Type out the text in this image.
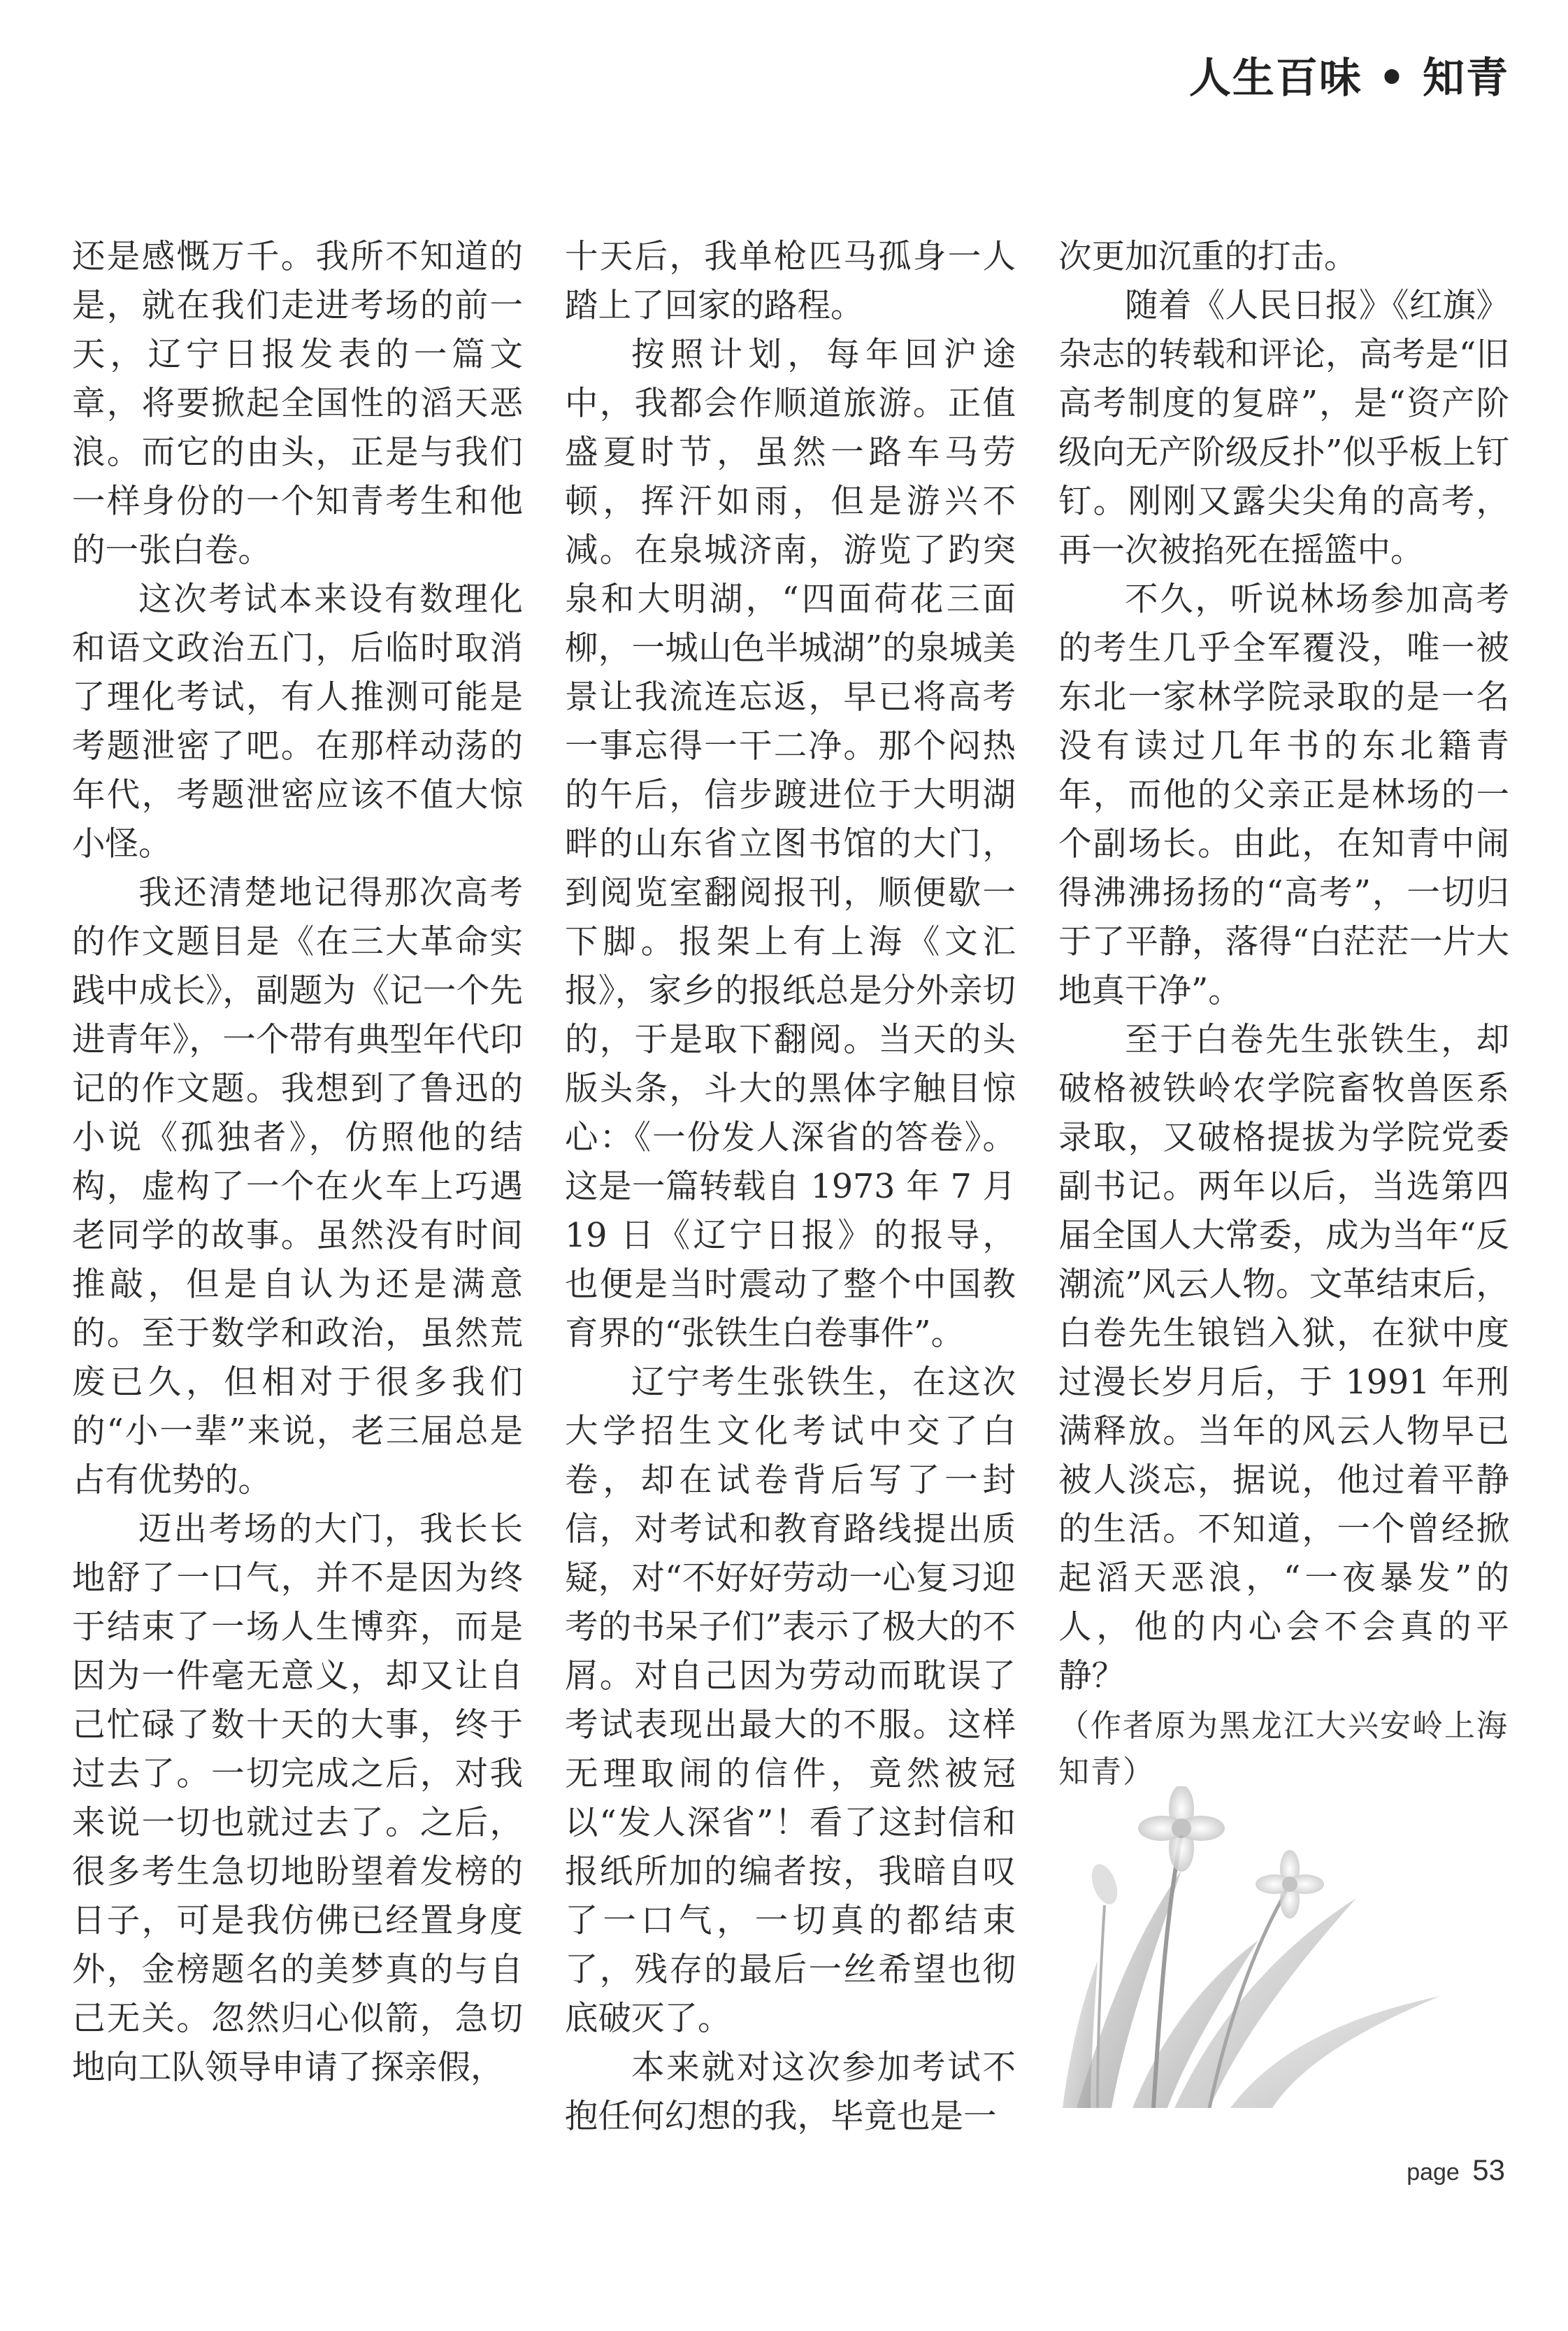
人生百味 • 知青

还是感慨万千。我所不知道的是，就在我们走进考场的前一天，辽宁日报发表的一篇文章，将要掀起全国性的滔天恶浪。而它的由头，正是与我们一样身份的一个知青考生和他的一张白卷。

这次考试本来设有数理化和语文政治五门，后临时取消了理化考试，有人推测可能是考题泄密了吧。在那样动荡的年代，考题泄密应该不值大惊小怪。

我还清楚地记得那次高考的作文题目是《在三大革命实践中成长》，副题为《记一个先进青年》，一个带有典型年代印记的作文题。我想到了鲁迅的小说《孤独者》，仿照他的结构，虚构了一个在火车上巧遇老同学的故事。虽然没有时间推敲，但是自认为还是满意的。至于数学和政治，虽然荒废已久，但相对于很多我们的“小一辈”来说，老三届总是占有优势的。

迈出考场的大门，我长长地舒了一口气，并不是因为终于结束了一场人生博弈，而是因为一件毫无意义，却又让自己忙碌了数十天的大事，终于过去了。一切完成之后，对我来说一切也就过去了。之后，很多考生急切地盼望着发榜的日子，可是我仿佛已经置身度外，金榜题名的美梦真的与自己无关。忽然归心似箭，急切地向工队领导申请了探亲假，

十天后，我单枪匹马孤身一人踏上了回家的路程。

按照计划，每年回沪途中，我都会作顺道旅游。正值盛夏时节，虽然一路车马劳顿，挥汗如雨，但是游兴不减。在泉城济南，游览了趵突泉和大明湖，“四面荷花三面柳，一城山色半城湖”的泉城美景让我流连忘返，早已将高考一事忘得一干二净。那个闷热的午后，信步踱进位于大明湖畔的山东省立图书馆的大门，到阅览室翻阅报刊，顺便歇一下脚。报架上有上海《文汇报》，家乡的报纸总是分外亲切的，于是取下翻阅。当天的头版头条，斗大的黑体字触目惊心：《一份发人深省的答卷》。这是一篇转载自 1973 年 7 月 19 日《辽宁日报》的报导，也便是当时震动了整个中国教育界的“张铁生白卷事件”。

辽宁考生张铁生，在这次大学招生文化考试中交了白卷，却在试卷背后写了一封信，对考试和教育路线提出质疑，对“不好好劳动一心复习迎考的书呆子们”表示了极大的不屑。对自己因为劳动而耽误了考试表现出最大的不服。这样无理取闹的信件，竟然被冠以“发人深省”！看了这封信和报纸所加的编者按，我暗自叹了一口气，一切真的都结束了，残存的最后一丝希望也彻底破灭了。

本来就对这次参加考试不抱任何幻想的我，毕竟也是一

次更加沉重的打击。

随着《人民日报》《红旗》杂志的转载和评论，高考是“旧高考制度的复辟”，是“资产阶级向无产阶级反扑”似乎板上钉钉。刚刚又露尖尖角的高考，再一次被掐死在摇篮中。

不久，听说林场参加高考的考生几乎全军覆没，唯一被东北一家林学院录取的是一名没有读过几年书的东北籍青年，而他的父亲正是林场的一个副场长。由此，在知青中闹得沸沸扬扬的“高考”，一切归于了平静，落得“白茫茫一片大地真干净”。

至于白卷先生张铁生，却破格被铁岭农学院畜牧兽医系录取，又破格提拔为学院党委副书记。两年以后，当选第四届全国人大常委，成为当年“反潮流”风云人物。文革结束后，白卷先生锒铛入狱，在狱中度过漫长岁月后，于 1991 年刑满释放。当年的风云人物早已被人淡忘，据说，他过着平静的生活。不知道，一个曾经掀起滔天恶浪，“一夜暴发”的人，他的内心会不会真的平静？

（作者原为黑龙江大兴安岭上海知青）
page 53
